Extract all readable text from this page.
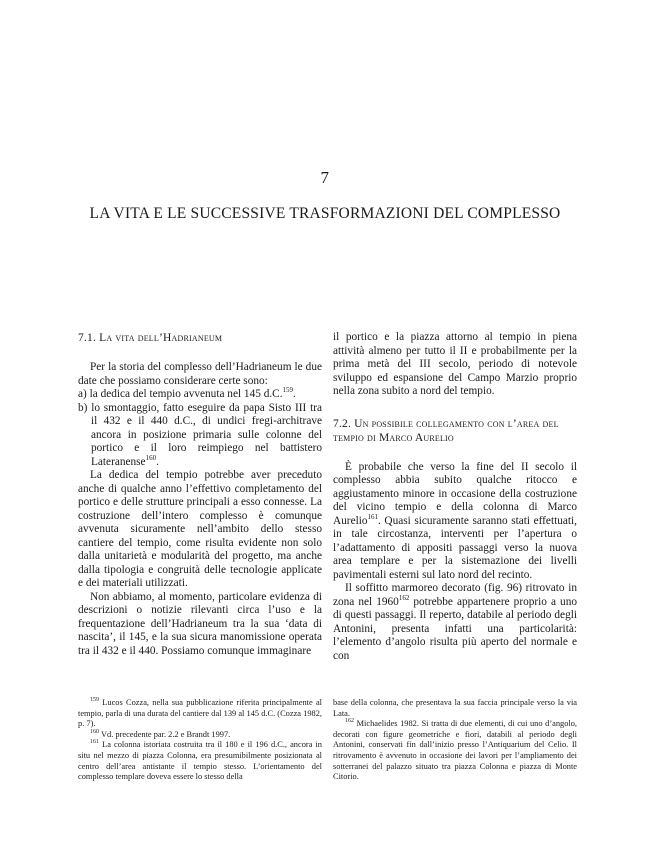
7
LA VITA E LE SUCCESSIVE TRASFORMAZIONI DEL COMPLESSO

7.1. La vita dell’Hadrianeum

Per la storia del complesso dell’Hadrianeum le due date che possiamo considerare certe sono:

a) la dedica del tempio avvenuta nel 145 d.C.$^{159}$.

b) lo smontaggio, fatto eseguire da papa Sisto III tra il 432 e il 440 d.C., di undici fregi-architrave ancora in posizione primaria sulle colonne del portico e il loro reimpiego nel battistero Lateranense$^{160}$.

La dedica del tempio potrebbe aver preceduto anche di qualche anno l’effettivo completamento del portico e delle strutture principali a esso connesse. La costruzione dell’intero complesso è comunque avvenuta sicuramente nell’ambito dello stesso cantiere del tempio, come risulta evidente non solo dalla unitarietà e modularità del progetto, ma anche dalla tipologia e congruità delle tecnologie applicate e dei materiali utilizzati.

Non abbiamo, al momento, particolare evidenza di descrizioni o notizie rilevanti circa l’uso e la frequentazione dell’Hadrianeum tra la sua ‘data di nascita’, il 145, e la sua sicura manomissione operata tra il 432 e il 440. Possiamo comunque immaginare

il portico e la piazza attorno al tempio in piena attività almeno per tutto il II e probabilmente per la prima metà del III secolo, periodo di notevole sviluppo ed espansione del Campo Marzio proprio nella zona subito a nord del tempio.

7.2. Un possibile collegamento con l’area del tempio di Marco Aurelio

È probabile che verso la fine del II secolo il complesso abbia subito qualche ritocco e aggiustamento minore in occasione della costruzione del vicino tempio e della colonna di Marco Aurelio$^{161}$. Quasi sicuramente saranno stati effettuati, in tale circostanza, interventi per l’apertura o l’adattamento di appositi passaggi verso la nuova area templare e per la sistemazione dei livelli pavimentali esterni sul lato nord del recinto.

Il soffitto marmoreo decorato (fig. 96) ritrovato in zona nel 1960$^{162}$ potrebbe appartenere proprio a uno di questi passaggi. Il reperto, databile al periodo degli Antonini, presenta infatti una particolarità: l’elemento d’angolo risulta più aperto del normale e con

$^{159}$ Lucos Cozza, nella sua pubblicazione riferita principalmente al tempio, parla di una durata del cantiere dal 139 al 145 d.C. (Cozza 1982, p. 7).

$^{160}$ Vd. precedente par. 2.2 e Brandt 1997.

$^{161}$ La colonna istoriata costruita tra il 180 e il 196 d.C., ancora in situ nel mezzo di piazza Colonna, era presumibilmente posizionata al centro dell’area antistante il tempio stesso. L’orientamento del complesso templare doveva essere lo stesso della

base della colonna, che presentava la sua faccia principale verso la via Lata.

$^{162}$ Michaelides 1982. Si tratta di due elementi, di cui uno d’angolo, decorati con figure geometriche e fiori, databili al periodo degli Antonini, conservati fin dall’inizio presso l’Antiquarium del Celio. Il ritrovamento è avvenuto in occasione dei lavori per l’ampliamento dei sotterranei del palazzo situato tra piazza Colonna e piazza di Monte Citorio.
